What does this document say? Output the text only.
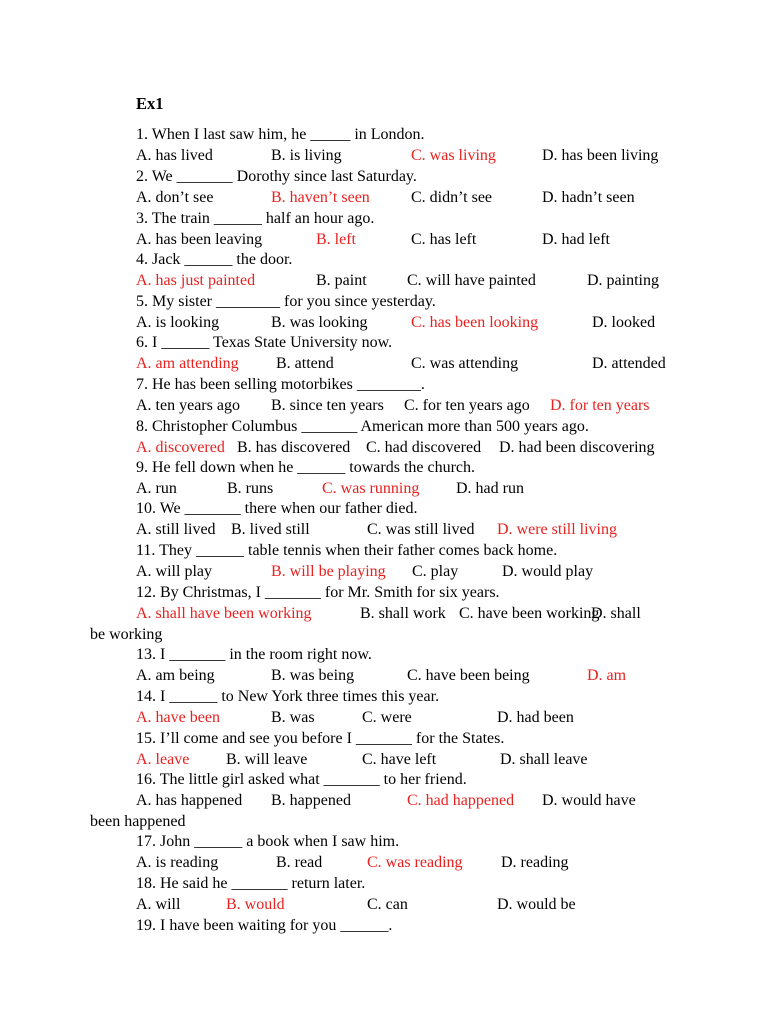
Ex1
1. When I last saw him, he _____ in London.
A. has lived	B. is living	C. was living	D. has been living
2. We _______ Dorothy since last Saturday.
A. don’t see	B. haven’t seen	C. didn’t see	D. hadn’t seen
3. The train ______ half an hour ago.
A. has been leaving	B. left	C. has left	D. had left
4. Jack ______ the door.
A. has just painted	B. paint	C. will have painted	D. painting
5. My sister ________ for you since yesterday.
A. is looking	B. was looking	C. has been looking	D. looked
6. I ______ Texas State University now.
A. am attending B. attend	C. was attending	D. attended
7. He has been selling motorbikes ________.
A. ten years ago B. since ten years C. for ten years ago D. for ten years
8. Christopher Columbus _______ American more than 500 years ago.
A. discovered B. has discovered C. had discovered D. had been discovering
9. He fell down when he ______ towards the church.
A. run	B. runs	C. was running D. had run
10. We _______ there when our father died.
A. still lived B. lived still	C. was still lived D. were still living
11. They ______ table tennis when their father comes back home.
A. will play	B. will be playing C. play	D. would play
12. By Christmas, I _______ for Mr. Smith for six years.
A. shall have been working	B. shall work C. have been working
D. shall
be working
13. I _______ in the room right now.
A. am being	B. was being	C. have been being	D. am
14. I ______ to New York three times this year.
A. have been	B. was	C. were	D. had been
15. I’ll come and see you before I _______ for the States.
A. leave B. will leave	C. have left	D. shall leave
16. The little girl asked what _______ to her friend.
A. has happened B. happened	C. had happened D. would have
been happened
17. John ______ a book when I saw him.
A. is reading	B. read	C. was reading D. reading
18. He said he _______ return later.
A. will	B. would	C. can	D. would be
19. I have been waiting for you ______.
